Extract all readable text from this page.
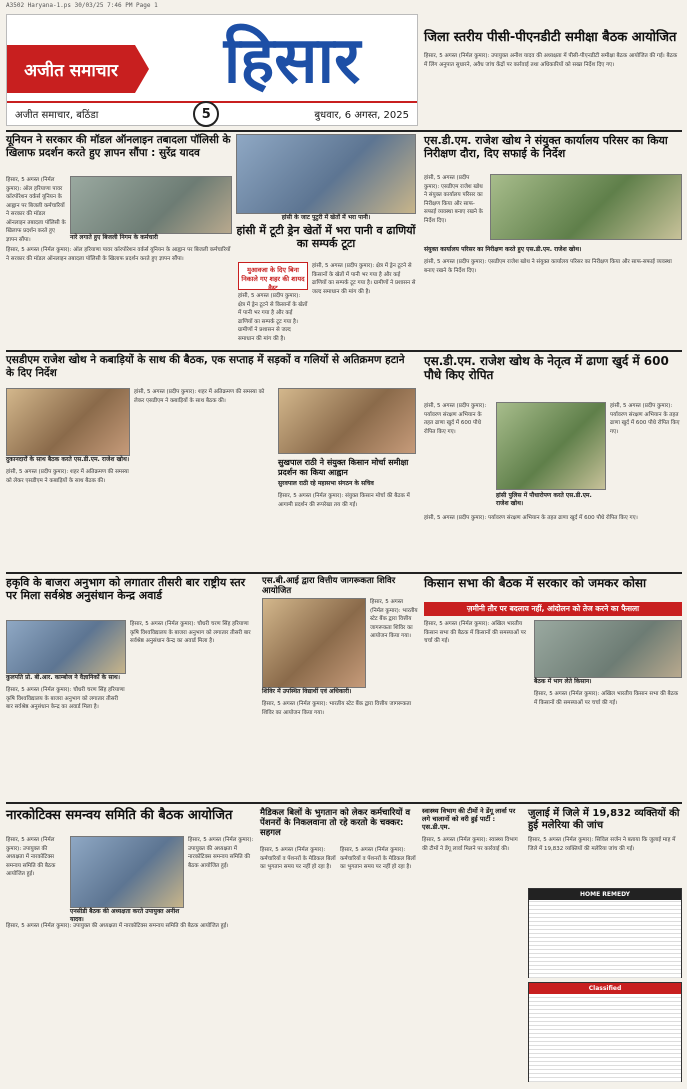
A3502 Haryana-1.ps 30/03/25 7:46 PM Page 1
अजीत समाचार	हिसार
अजीत समाचार, बठिंडा	5	बुधवार, 6 अगस्त, 2025
जिला स्तरीय पीसी-पीएनडीटी समीक्षा बैठक आयोजित
हिसार, 5 अगस्त (निर्मल कुमार): उपायुक्त अनीश यादव की अध्यक्षता में पीसी-पीएनडीटी समीक्षा बैठक आयोजित की गई। बैठक में लिंग अनुपात सुधारने, अवैध जांच केंद्रों पर कार्रवाई तथा अधिकारियों को सख्त निर्देश दिए गए।
यूनियन ने सरकार की मॉडल ऑनलाइन तबादला पॉलिसी के खिलाफ प्रदर्शन करते हुए ज्ञापन सौंपा : सुरेंद्र यादव
हिसार, 5 अगस्त (निर्मल कुमार): ऑल हरियाणा पावर कॉरपोरेशन वर्कर्स यूनियन के आह्वान पर बिजली कर्मचारियों ने सरकार की मॉडल ऑनलाइन तबादला पॉलिसी के खिलाफ प्रदर्शन करते हुए ज्ञापन सौंपा।	नारे लगाते हुए बिजली निगम के कर्मचारी
हिसार, 5 अगस्त (निर्मल कुमार): ऑल हरियाणा पावर कॉरपोरेशन वर्कर्स यूनियन के आह्वान पर बिजली कर्मचारियों ने सरकार की मॉडल ऑनलाइन तबादला पॉलिसी के खिलाफ प्रदर्शन करते हुए ज्ञापन सौंपा।
हांसी के जाट पुटुरी में खेतों में भरा पानी।
हांसी में टूटी ड्रेन खेतों में भरा पानी व ढाणियों का सम्पर्क टूटा
मुआवजा के दिए बिना निकाले गए शहर की शायद वैस्ट
हांसी, 5 अगस्त (प्रदीप कुमार): क्षेत्र में ड्रेन टूटने से किसानों के खेतों में पानी भर गया है और कई ढाणियों का सम्पर्क टूट गया है। ग्रामीणों ने प्रशासन से जल्द समाधान की मांग की है।
हांसी, 5 अगस्त (प्रदीप कुमार): क्षेत्र में ड्रेन टूटने से किसानों के खेतों में पानी भर गया है और कई ढाणियों का सम्पर्क टूट गया है। ग्रामीणों ने प्रशासन से जल्द समाधान की मांग की है।
एस.डी.एम. राजेश खोथ ने संयुक्त कार्यालय परिसर का किया निरीक्षण दौरा, दिए सफाई के निर्देश
हांसी, 5 अगस्त (प्रदीप कुमार): एसडीएम राजेश खोथ ने संयुक्त कार्यालय परिसर का निरीक्षण किया और साफ-सफाई व्यवस्था बनाए रखने के निर्देश दिए।
संयुक्त कार्यालय परिसर का निरीक्षण करते हुए एस.डी.एम. राजेश खोथ।
हांसी, 5 अगस्त (प्रदीप कुमार): एसडीएम राजेश खोथ ने संयुक्त कार्यालय परिसर का निरीक्षण किया और साफ-सफाई व्यवस्था बनाए रखने के निर्देश दिए।
एसडीएम राजेश खोथ ने कबाड़ियों के साथ की बैठक, एक सप्ताह में सड़कों व गलियों से अतिक्रमण हटाने के दिए निर्देश
दुकानदारों के साथ बैठक करते एस.डी.एम. राजेश खोथ।
हांसी, 5 अगस्त (प्रदीप कुमार): शहर में अतिक्रमण की समस्या को लेकर एसडीएम ने कबाड़ियों के साथ बैठक की।
हांसी, 5 अगस्त (प्रदीप कुमार): शहर में अतिक्रमण की समस्या को लेकर एसडीएम ने कबाड़ियों के साथ बैठक की।
सुखपाल राठी ने संयुक्त किसान मोर्चा समीक्षा प्रदर्शन का किया आह्वान
सुरवपाल राठी रहे महासभा संगठन के सचिव
हिसार, 5 अगस्त (निर्मल कुमार): संयुक्त किसान मोर्चा की बैठक में आगामी प्रदर्शन की रूपरेखा तय की गई।
एस.डी.एम. राजेश खोथ के नेतृत्व में ढाणा खुर्द में 600 पौधे किए रोपित
हांसी, 5 अगस्त (प्रदीप कुमार): पर्यावरण संरक्षण अभियान के तहत ढाणा खुर्द में 600 पौधे रोपित किए गए।
हांसी, 5 अगस्त (प्रदीप कुमार): पर्यावरण संरक्षण अभियान के तहत ढाणा खुर्द में 600 पौधे रोपित किए गए।
हांसी पुलिस में पौधारोपण करते एस.डी.एम. राजेश खोथ।
हांसी, 5 अगस्त (प्रदीप कुमार): पर्यावरण संरक्षण अभियान के तहत ढाणा खुर्द में 600 पौधे रोपित किए गए।
हकृवि के बाजरा अनुभाग को लगातार तीसरी बार राष्ट्रीय स्तर पर मिला सर्वश्रेष्ठ अनुसंधान केन्द्र अवार्ड
कुलपति प्रो. बी.आर. काम्बोज ने वैज्ञानिकों के साथ।
हिसार, 5 अगस्त (निर्मल कुमार): चौधरी चरण सिंह हरियाणा कृषि विश्वविद्यालय के बाजरा अनुभाग को लगातार तीसरी बार सर्वश्रेष्ठ अनुसंधान केन्द्र का अवार्ड मिला है।
हिसार, 5 अगस्त (निर्मल कुमार): चौधरी चरण सिंह हरियाणा कृषि विश्वविद्यालय के बाजरा अनुभाग को लगातार तीसरी बार सर्वश्रेष्ठ अनुसंधान केन्द्र का अवार्ड मिला है।
एस.बी.आई द्वारा वित्तीय जागरूकता शिविर आयोजित
हिसार, 5 अगस्त (निर्मल कुमार): भारतीय स्टेट बैंक द्वारा वित्तीय जागरूकता शिविर का आयोजन किया गया।
शिविर में उपस्थित विद्यार्थी एवं अधिकारी।
हिसार, 5 अगस्त (निर्मल कुमार): भारतीय स्टेट बैंक द्वारा वित्तीय जागरूकता शिविर का आयोजन किया गया।
किसान सभा की बैठक में सरकार को जमकर कोसा
ज़मीनी तौर पर बदलाव नहीं, आंदोलन को तेज करने का फैसला
हिसार, 5 अगस्त (निर्मल कुमार): अखिल भारतीय किसान सभा की बैठक में किसानों की समस्याओं पर चर्चा की गई।
बैठक में भाग लेते किसान।
हिसार, 5 अगस्त (निर्मल कुमार): अखिल भारतीय किसान सभा की बैठक में किसानों की समस्याओं पर चर्चा की गई।
नारकोटिक्स समन्वय समिति की बैठक आयोजित
हिसार, 5 अगस्त (निर्मल कुमार): उपायुक्त की अध्यक्षता में नारकोटिक्स समन्वय समिति की बैठक आयोजित हुई।
हिसार, 5 अगस्त (निर्मल कुमार): उपायुक्त की अध्यक्षता में नारकोटिक्स समन्वय समिति की बैठक आयोजित हुई।
एनसीडी बैठक की अध्यक्षता करते उपायुक्त अनीश यादव।
हिसार, 5 अगस्त (निर्मल कुमार): उपायुक्त की अध्यक्षता में नारकोटिक्स समन्वय समिति की बैठक आयोजित हुई।
मैडिकल बिलों के भुगतान को लेकर कर्मचारियों व पेंशनरों के निकलवाना तो रहे करतो के चक्कर: सहगल
हिसार, 5 अगस्त (निर्मल कुमार): कर्मचारियों व पेंशनरों के मेडिकल बिलों का भुगतान समय पर नहीं हो रहा है।
हिसार, 5 अगस्त (निर्मल कुमार): कर्मचारियों व पेंशनरों के मेडिकल बिलों का भुगतान समय पर नहीं हो रहा है।
स्वास्थ्य विभाग की टीमों ने डेंगू लार्वा पर लगे चालानों को वरी हुई पार्टी : एस.डी.एम.
हिसार, 5 अगस्त (निर्मल कुमार): स्वास्थ्य विभाग की टीमों ने डेंगू लार्वा मिलने पर कार्रवाई की।
जुलाई में जिले में 19,832 व्यक्तियों की हुई मलेरिया की जांच
हिसार, 5 अगस्त (निर्मल कुमार): सिविल सर्जन ने बताया कि जुलाई माह में जिले में 19,832 व्यक्तियों की मलेरिया जांच की गई।
HOME REMEDY
Classified
